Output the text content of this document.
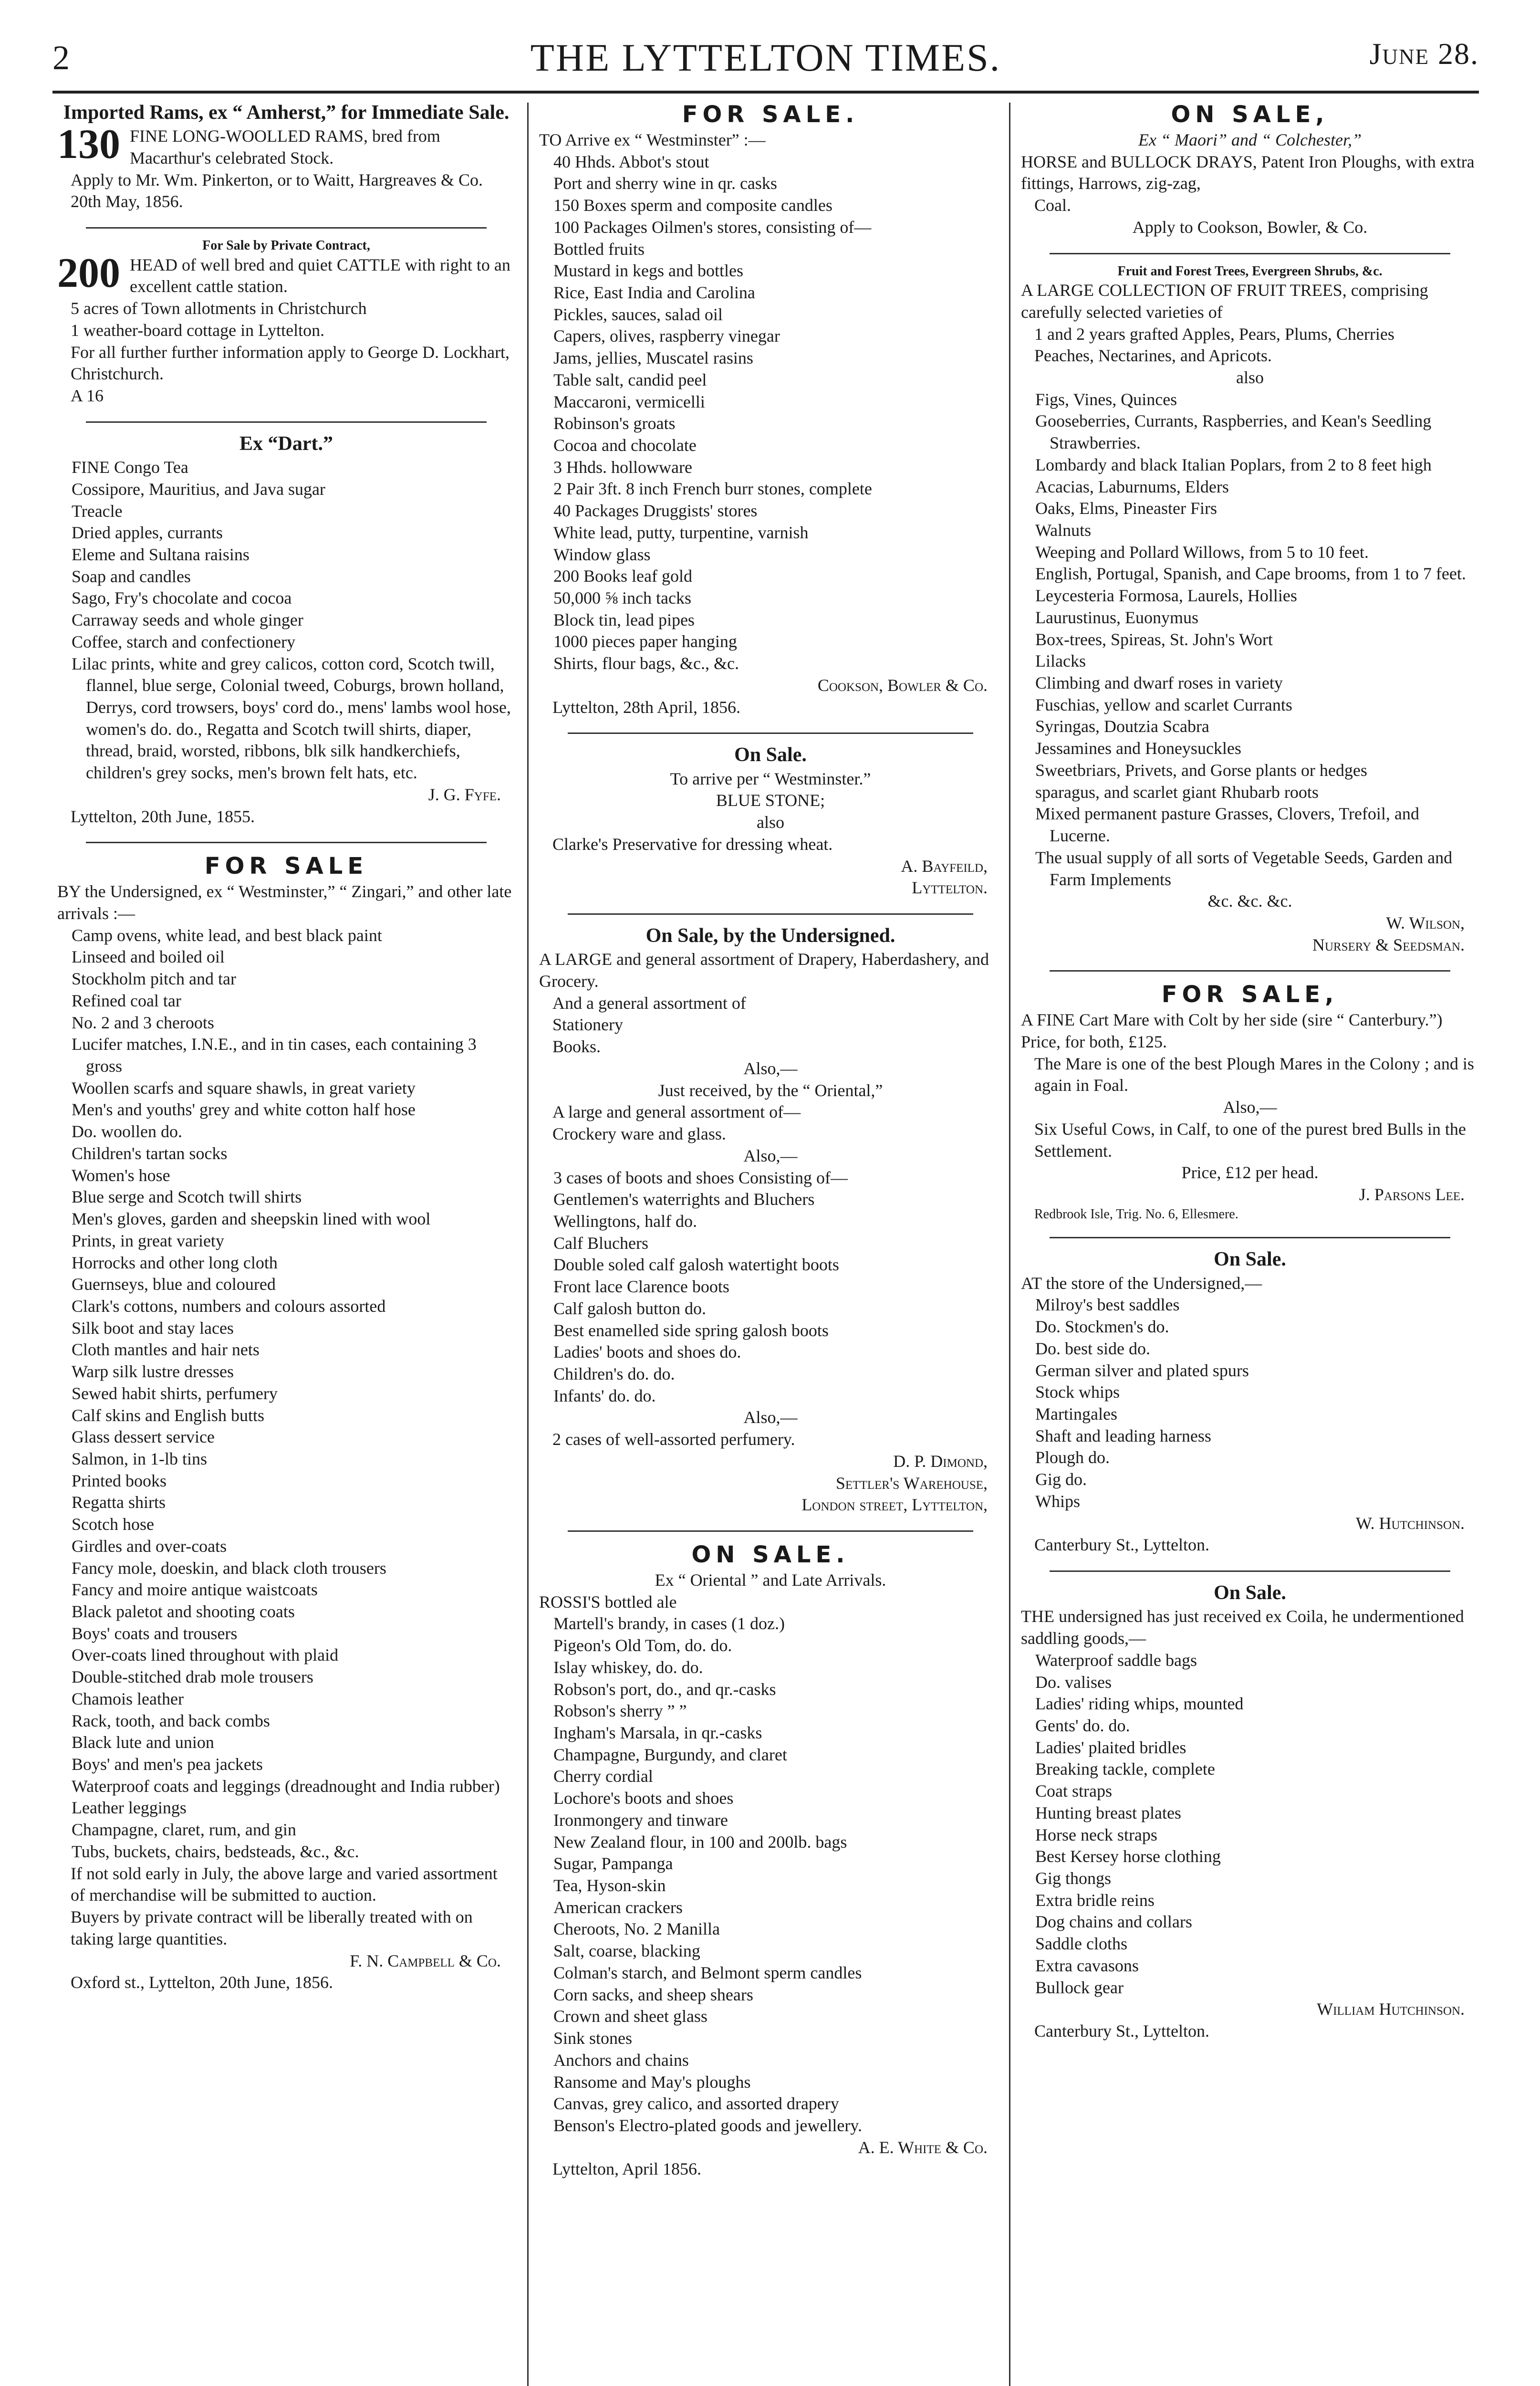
2	THE LYTTELTON TIMES.	June 28.
Imported Rams, ex “ Amherst,” for Immediate Sale.
130 FINE LONG-WOOLLED RAMS, bred from Macarthur's celebrated Stock.
Apply to Mr. Wm. Pinkerton, or to Waitt, Hargreaves & Co.
20th May, 1856.
For Sale by Private Contract,
200 HEAD of well bred and quiet CATTLE with right to an excellent cattle station.
5 acres of Town allotments in Christchurch
1 weather-board cottage in Lyttelton.
For all further further information apply to George D. Lockhart, Christchurch.
A 16
Ex “Dart.”
FINE Congo Tea
Cossipore, Mauritius, and Java sugar
Treacle
Dried apples, currants
Eleme and Sultana raisins
Soap and candles
Sago, Fry's chocolate and cocoa
Carraway seeds and whole ginger
Coffee, starch and confectionery
Lilac prints, white and grey calicos, cotton cord, Scotch twill, flannel, blue serge, Colonial tweed, Coburgs, brown holland, Derrys, cord trowsers, boys' cord do., mens' lambs wool hose, women's do. do., Regatta and Scotch twill shirts, diaper, thread, braid, worsted, ribbons, blk silk handkerchiefs, children's grey socks, men's brown felt hats, etc.
J. G. Fyfe.
Lyttelton, 20th June, 1855.
FOR SALE
BY the Undersigned, ex “ Westminster,” “ Zingari,” and other late arrivals :—
Camp ovens, white lead, and best black paint
Linseed and boiled oil
Stockholm pitch and tar
Refined coal tar
No. 2 and 3 cheroots
Lucifer matches, I.N.E., and in tin cases, each containing 3 gross
Woollen scarfs and square shawls, in great variety
Men's and youths' grey and white cotton half hose
Do. woollen do.
Children's tartan socks
Women's hose
Blue serge and Scotch twill shirts
Men's gloves, garden and sheepskin lined with wool
Prints, in great variety
Horrocks and other long cloth
Guernseys, blue and coloured
Clark's cottons, numbers and colours assorted
Silk boot and stay laces
Cloth mantles and hair nets
Warp silk lustre dresses
Sewed habit shirts, perfumery
Calf skins and English butts
Glass dessert service
Salmon, in 1-lb tins
Printed books
Regatta shirts
Scotch hose
Girdles and over-coats
Fancy mole, doeskin, and black cloth trousers
Fancy and moire antique waistcoats
Black paletot and shooting coats
Boys' coats and trousers
Over-coats lined throughout with plaid
Double-stitched drab mole trousers
Chamois leather
Rack, tooth, and back combs
Black lute and union
Boys' and men's pea jackets
Waterproof coats and leggings (dreadnought and India rubber)
Leather leggings
Champagne, claret, rum, and gin
Tubs, buckets, chairs, bedsteads, &c., &c.
If not sold early in July, the above large and varied assortment of merchandise will be submitted to auction.
Buyers by private contract will be liberally treated with on taking large quantities.
F. N. Campbell & Co.
Oxford st., Lyttelton, 20th June, 1856.
FOR SALE.
TO Arrive ex “ Westminster” :—
40 Hhds. Abbot's stout
Port and sherry wine in qr. casks
150 Boxes sperm and composite candles
100 Packages Oilmen's stores, consisting of—
Bottled fruits
Mustard in kegs and bottles
Rice, East India and Carolina
Pickles, sauces, salad oil
Capers, olives, raspberry vinegar
Jams, jellies, Muscatel rasins
Table salt, candid peel
Maccaroni, vermicelli
Robinson's groats
Cocoa and chocolate
3 Hhds. hollowware
2 Pair 3ft. 8 inch French burr stones, complete
40 Packages Druggists' stores
White lead, putty, turpentine, varnish
Window glass
200 Books leaf gold
50,000 ⅝ inch tacks
Block tin, lead pipes
1000 pieces paper hanging
Shirts, flour bags, &c., &c.
Cookson, Bowler & Co.
Lyttelton, 28th April, 1856.
On Sale.
To arrive per “ Westminster.”
BLUE STONE;
also
Clarke's Preservative for dressing wheat.
A. Bayfeild,
Lyttelton.
On Sale, by the Undersigned.
A LARGE and general assortment of Drapery, Haberdashery, and Grocery.
And a general assortment of
Stationery
Books.
Also,—
Just received, by the “ Oriental,”
A large and general assortment of—
Crockery ware and glass.
Also,—
3 cases of boots and shoes Consisting of—
Gentlemen's waterrights and Bluchers
Wellingtons, half do.
Calf Bluchers
Double soled calf galosh watertight boots
Front lace Clarence boots
Calf galosh button do.
Best enamelled side spring galosh boots
Ladies' boots and shoes do.
Children's do. do.
Infants' do. do.
Also,—
2 cases of well-assorted perfumery.
D. P. Dimond,
Settler's Warehouse,
London street, Lyttelton,
ON SALE.
Ex “ Oriental ” and Late Arrivals.
ROSSI'S bottled ale
Martell's brandy, in cases (1 doz.)
Pigeon's Old Tom, do. do.
Islay whiskey, do. do.
Robson's port, do., and qr.-casks
Robson's sherry ” ”
Ingham's Marsala, in qr.-casks
Champagne, Burgundy, and claret
Cherry cordial
Lochore's boots and shoes
Ironmongery and tinware
New Zealand flour, in 100 and 200lb. bags
Sugar, Pampanga
Tea, Hyson-skin
American crackers
Cheroots, No. 2 Manilla
Salt, coarse, blacking
Colman's starch, and Belmont sperm candles
Corn sacks, and sheep shears
Crown and sheet glass
Sink stones
Anchors and chains
Ransome and May's ploughs
Canvas, grey calico, and assorted drapery
Benson's Electro-plated goods and jewellery.
A. E. White & Co.
Lyttelton, April 1856.
ON SALE,
Ex “ Maori” and “ Colchester,”
HORSE and BULLOCK DRAYS, Patent Iron Ploughs, with extra fittings, Harrows, zig-zag,
Coal.
Apply to Cookson, Bowler, & Co.
Fruit and Forest Trees, Evergreen Shrubs, &c.
A LARGE COLLECTION OF FRUIT TREES, comprising carefully selected varieties of
1 and 2 years grafted Apples, Pears, Plums, Cherries
Peaches, Nectarines, and Apricots.
also
Figs, Vines, Quinces
Gooseberries, Currants, Raspberries, and Kean's Seedling Strawberries.
Lombardy and black Italian Poplars, from 2 to 8 feet high
Acacias, Laburnums, Elders
Oaks, Elms, Pineaster Firs
Walnuts
Weeping and Pollard Willows, from 5 to 10 feet.
English, Portugal, Spanish, and Cape brooms, from 1 to 7 feet.
Leycesteria Formosa, Laurels, Hollies
Laurustinus, Euonymus
Box-trees, Spireas, St. John's Wort
Lilacks
Climbing and dwarf roses in variety
Fuschias, yellow and scarlet Currants
Syringas, Doutzia Scabra
Jessamines and Honeysuckles
Sweetbriars, Privets, and Gorse plants or hedges
sparagus, and scarlet giant Rhubarb roots
Mixed permanent pasture Grasses, Clovers, Trefoil, and Lucerne.
The usual supply of all sorts of Vegetable Seeds, Garden and Farm Implements
&c. &c. &c.
W. Wilson,
Nursery & Seedsman.
FOR SALE,
A FINE Cart Mare with Colt by her side (sire “ Canterbury.”) Price, for both, £125.
The Mare is one of the best Plough Mares in the Colony ; and is again in Foal.
Also,—
Six Useful Cows, in Calf, to one of the purest bred Bulls in the Settlement.
Price, £12 per head.
J. Parsons Lee.
Redbrook Isle, Trig. No. 6, Ellesmere.
On Sale.
AT the store of the Undersigned,—
Milroy's best saddles
Do. Stockmen's do.
Do. best side do.
German silver and plated spurs
Stock whips
Martingales
Shaft and leading harness
Plough do.
Gig do.
Whips
W. Hutchinson.
Canterbury St., Lyttelton.
On Sale.
THE undersigned has just received ex Coila, he undermentioned saddling goods,—
Waterproof saddle bags
Do. valises
Ladies' riding whips, mounted
Gents' do. do.
Ladies' plaited bridles
Breaking tackle, complete
Coat straps
Hunting breast plates
Horse neck straps
Best Kersey horse clothing
Gig thongs
Extra bridle reins
Dog chains and collars
Saddle cloths
Extra cavasons
Bullock gear
William Hutchinson.
Canterbury St., Lyttelton.
